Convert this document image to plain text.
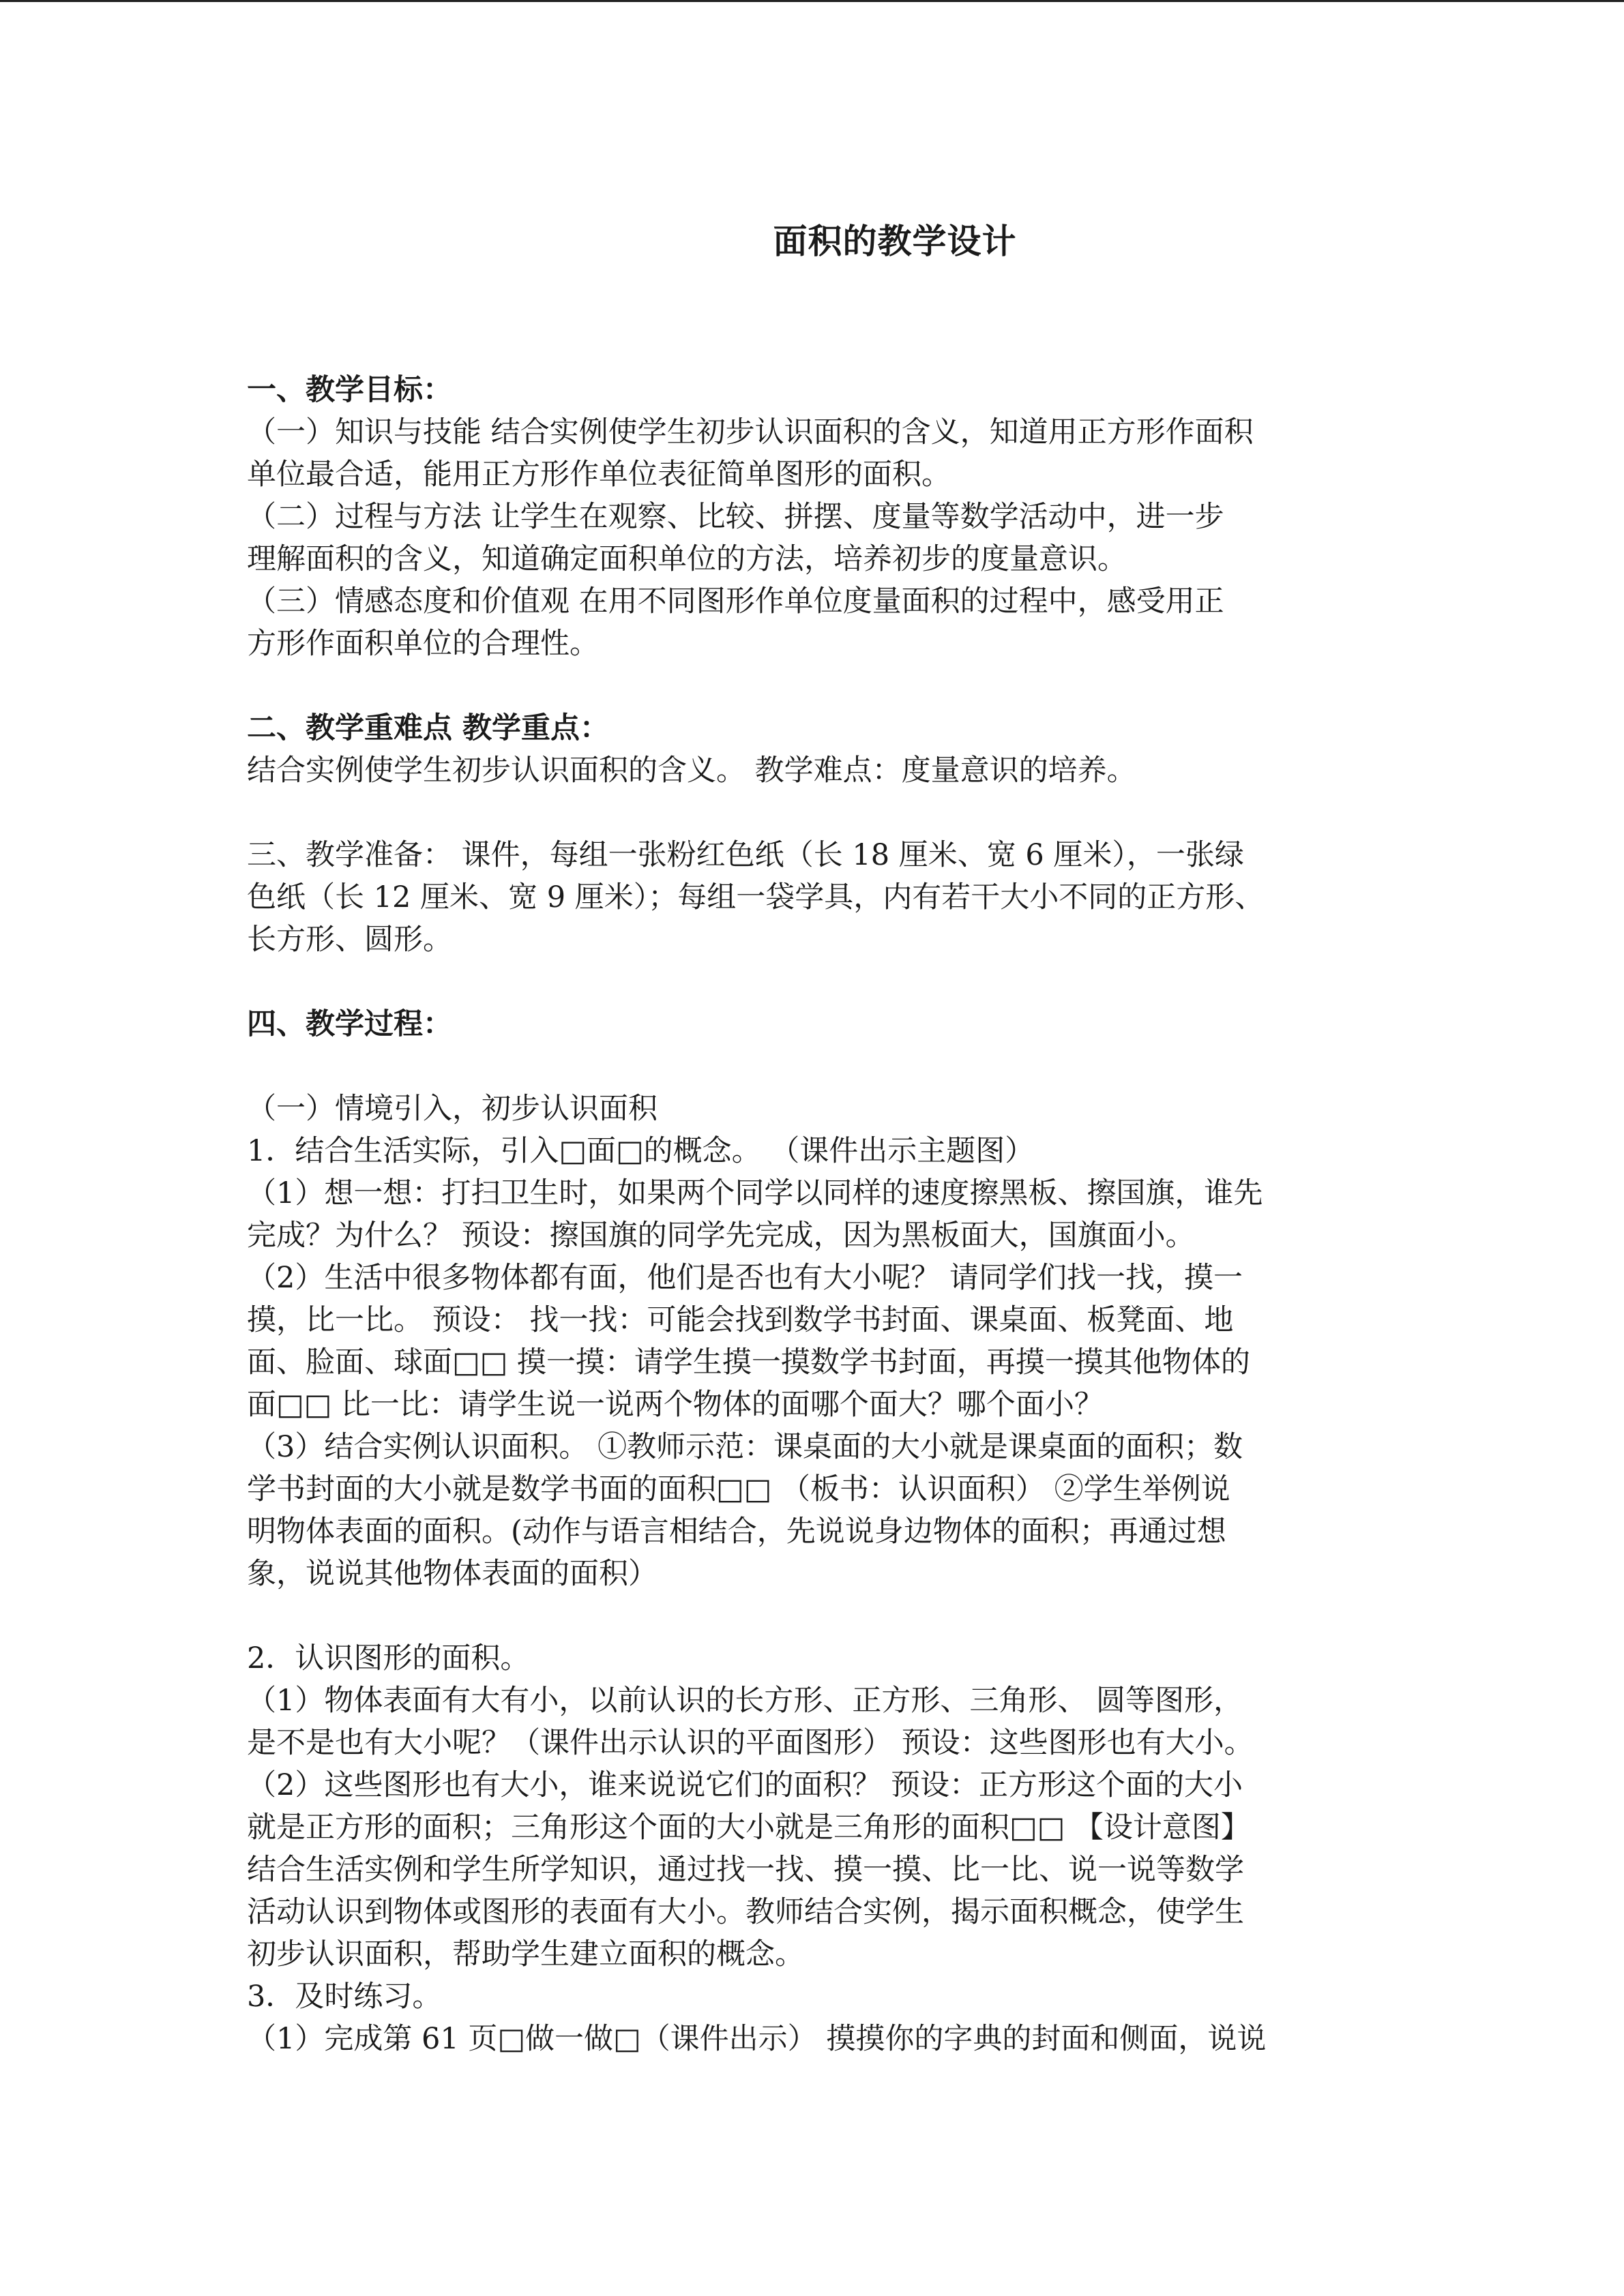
面积的教学设计
一、教学目标：
（一）知识与技能 结合实例使学生初步认识面积的含义，知道用正方形作面积
单位最合适，能用正方形作单位表征简单图形的面积。
（二）过程与方法 让学生在观察、比较、拼摆、度量等数学活动中，进一步
理解面积的含义，知道确定面积单位的方法，培养初步的度量意识。
（三）情感态度和价值观 在用不同图形作单位度量面积的过程中，感受用正
方形作面积单位的合理性。
二、教学重难点 教学重点：
结合实例使学生初步认识面积的含义。 教学难点：度量意识的培养。
三、教学准备： 课件，每组一张粉红色纸（长 18 厘米、宽 6 厘米），一张绿
色纸（长 12 厘米、宽 9 厘米）；每组一袋学具，内有若干大小不同的正方形、
长方形、圆形。
四、教学过程：
（一）情境引入，初步认识面积
1．结合生活实际，引入□面□的概念。 （课件出示主题图）
（1）想一想：打扫卫生时，如果两个同学以同样的速度擦黑板、擦国旗，谁先
完成？为什么？ 预设：擦国旗的同学先完成，因为黑板面大，国旗面小。
（2）生活中很多物体都有面，他们是否也有大小呢？ 请同学们找一找，摸一
摸，比一比。 预设： 找一找：可能会找到数学书封面、课桌面、板凳面、地
面、脸面、球面□□ 摸一摸：请学生摸一摸数学书封面，再摸一摸其他物体的
面□□ 比一比：请学生说一说两个物体的面哪个面大？哪个面小？
（3）结合实例认识面积。 ①教师示范：课桌面的大小就是课桌面的面积；数
学书封面的大小就是数学书面的面积□□ （板书：认识面积） ②学生举例说
明物体表面的面积。(动作与语言相结合，先说说身边物体的面积；再通过想
象，说说其他物体表面的面积）
2．认识图形的面积。
（1）物体表面有大有小，以前认识的长方形、正方形、三角形、 圆等图形，
是不是也有大小呢？（课件出示认识的平面图形） 预设：这些图形也有大小。
（2）这些图形也有大小，谁来说说它们的面积？ 预设：正方形这个面的大小
就是正方形的面积；三角形这个面的大小就是三角形的面积□□ 【设计意图】
结合生活实例和学生所学知识，通过找一找、摸一摸、比一比、说一说等数学
活动认识到物体或图形的表面有大小。教师结合实例，揭示面积概念，使学生
初步认识面积，帮助学生建立面积的概念。
3．及时练习。
（1）完成第 61 页□做一做□（课件出示） 摸摸你的字典的封面和侧面，说说
